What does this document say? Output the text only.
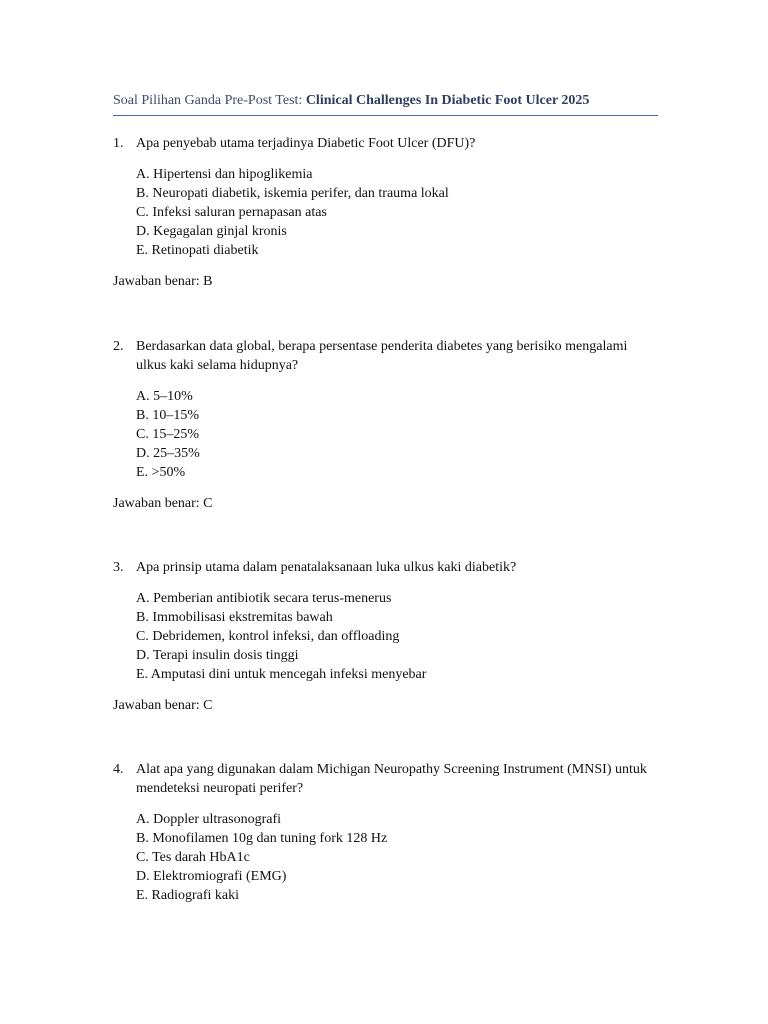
Soal Pilihan Ganda Pre-Post Test: Clinical Challenges In Diabetic Foot Ulcer 2025
1. Apa penyebab utama terjadinya Diabetic Foot Ulcer (DFU)?
A. Hipertensi dan hipoglikemia
B. Neuropati diabetik, iskemia perifer, dan trauma lokal
C. Infeksi saluran pernapasan atas
D. Kegagalan ginjal kronis
E. Retinopati diabetik
Jawaban benar: B
2. Berdasarkan data global, berapa persentase penderita diabetes yang berisiko mengalami ulkus kaki selama hidupnya?
A. 5–10%
B. 10–15%
C. 15–25%
D. 25–35%
E. >50%
Jawaban benar: C
3. Apa prinsip utama dalam penatalaksanaan luka ulkus kaki diabetik?
A. Pemberian antibiotik secara terus-menerus
B. Immobilisasi ekstremitas bawah
C. Debridemen, kontrol infeksi, dan offloading
D. Terapi insulin dosis tinggi
E. Amputasi dini untuk mencegah infeksi menyebar
Jawaban benar: C
4. Alat apa yang digunakan dalam Michigan Neuropathy Screening Instrument (MNSI) untuk mendeteksi neuropati perifer?
A. Doppler ultrasonografi
B. Monofilamen 10g dan tuning fork 128 Hz
C. Tes darah HbA1c
D. Elektromiografi (EMG)
E. Radiografi kaki
